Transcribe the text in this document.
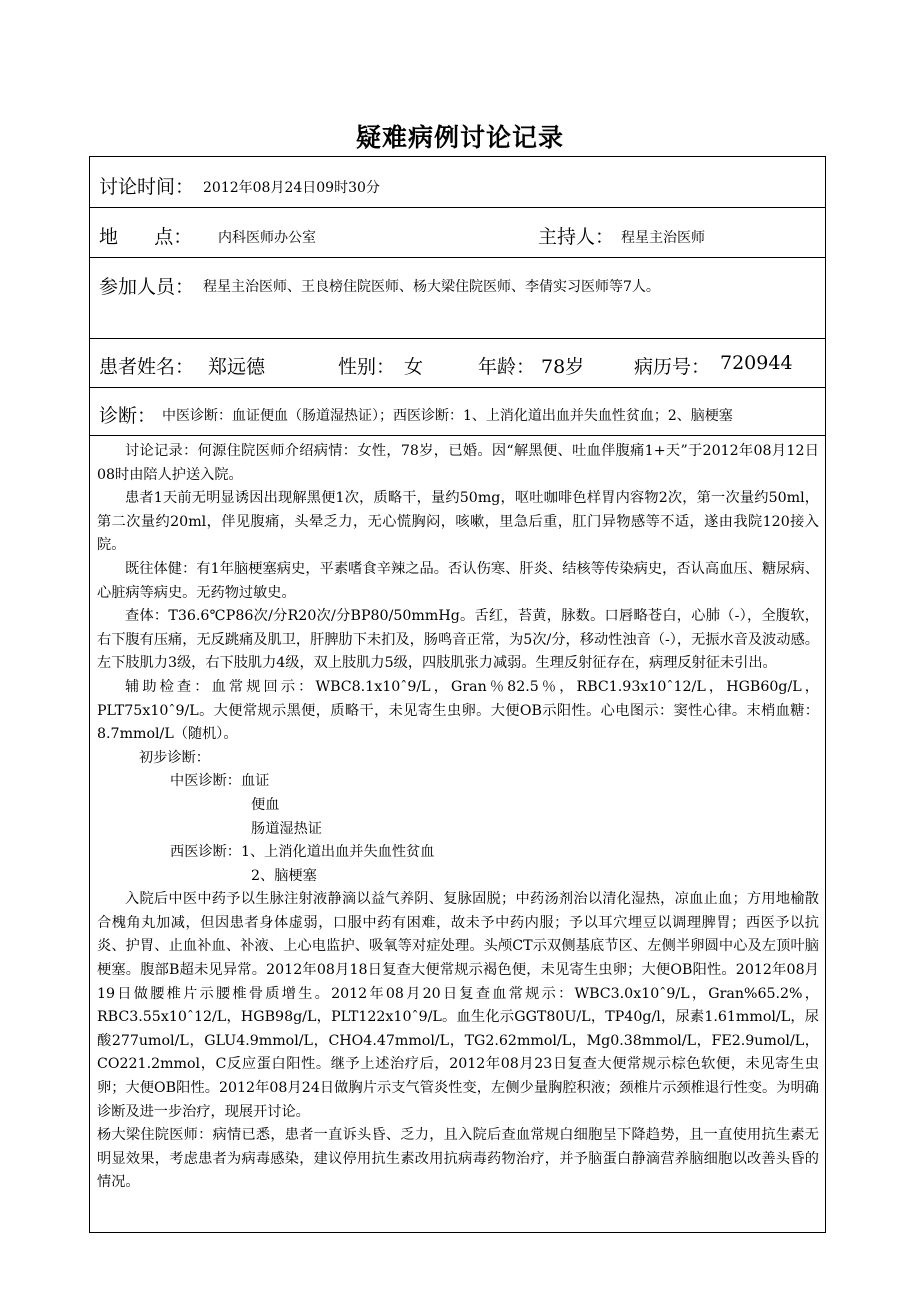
疑难病例讨论记录
讨论时间： 2012年08月24日09时30分
地      点： 内科医师办公室	主持人： 程星主治医师
参加人员： 程星主治医师、王良榜住院医师、杨大梁住院医师、李倩实习医师等7人。
患者姓名： 郑远德	性别： 女	年龄： 78岁	病历号： 720944
诊断： 中医诊断：血证便血（肠道湿热证）；西医诊断：1、上消化道出血并失血性贫血；2、脑梗塞

讨论记录：何源住院医师介绍病情：女性，78岁，已婚。因“解黑便、吐血伴腹痛1+天”于2012年08月12日08时由陪人护送入院。

患者1天前无明显诱因出现解黑便1次，质略干，量约50mg，呕吐咖啡色样胃内容物2次，第一次量约50ml，第二次量约20ml，伴见腹痛，头晕乏力，无心慌胸闷，咳嗽，里急后重，肛门异物感等不适，遂由我院120接入院。

既往体健：有1年脑梗塞病史，平素嗜食辛辣之品。否认伤寒、肝炎、结核等传染病史，否认高血压、糖尿病、心脏病等病史。无药物过敏史。

查体：T36.6℃P86次/分R20次/分BP80/50mmHg。舌红，苔黄，脉数。口唇略苍白，心肺（-），全腹软，右下腹有压痛，无反跳痛及肌卫，肝脾肋下未扪及，肠鸣音正常，为5次/分，移动性浊音（-），无振水音及波动感。左下肢肌力3级，右下肢肌力4级，双上肢肌力5级，四肢肌张力减弱。生理反射征存在，病理反射征未引出。

辅助检查：血常规回示：WBC8.1x10ˆ9/L，Gran％82.5％，RBC1.93x10ˆ12/L，HGB60g/L，PLT75x10ˆ9/L。大便常规示黑便，质略干，未见寄生虫卵。大便OB示阳性。心电图示：窦性心律。末梢血糖：8.7mmol/L（随机）。

初步诊断：

中医诊断：血证

便血

肠道湿热证

西医诊断：1、上消化道出血并失血性贫血

2、脑梗塞

入院后中医中药予以生脉注射液静滴以益气养阴、复脉固脱；中药汤剂治以清化湿热，凉血止血；方用地榆散合槐角丸加减，但因患者身体虚弱，口服中药有困难，故未予中药内服；予以耳穴埋豆以调理脾胃；西医予以抗炎、护胃、止血补血、补液、上心电监护、吸氧等对症处理。头颅CT示双侧基底节区、左侧半卵圆中心及左顶叶脑梗塞。腹部B超未见异常。2012年08月18日复查大便常规示褐色便，未见寄生虫卵；大便OB阳性。2012年08月19日做腰椎片示腰椎骨质增生。2012年08月20日复查血常规示：WBC3.0x10ˆ9/L，Gran%65.2%，RBC3.55x10ˆ12/L，HGB98g/L，PLT122x10ˆ9/L。血生化示GGT80U/L，TP40g/l，尿素1.61mmol/L，尿酸277umol/L，GLU4.9mmol/L，CHO4.47mmol/L，TG2.62mmol/L，Mg0.38mmol/L，FE2.9umol/L，CO221.2mmol，C反应蛋白阳性。继予上述治疗后，2012年08月23日复查大便常规示棕色软便，未见寄生虫卵；大便OB阳性。2012年08月24日做胸片示支气管炎性变，左侧少量胸腔积液；颈椎片示颈椎退行性变。为明确诊断及进一步治疗，现展开讨论。

杨大梁住院医师：病情已悉，患者一直诉头昏、乏力，且入院后查血常规白细胞呈下降趋势，且一直使用抗生素无明显效果，考虑患者为病毒感染，建议停用抗生素改用抗病毒药物治疗，并予脑蛋白静滴营养脑细胞以改善头昏的情况。
